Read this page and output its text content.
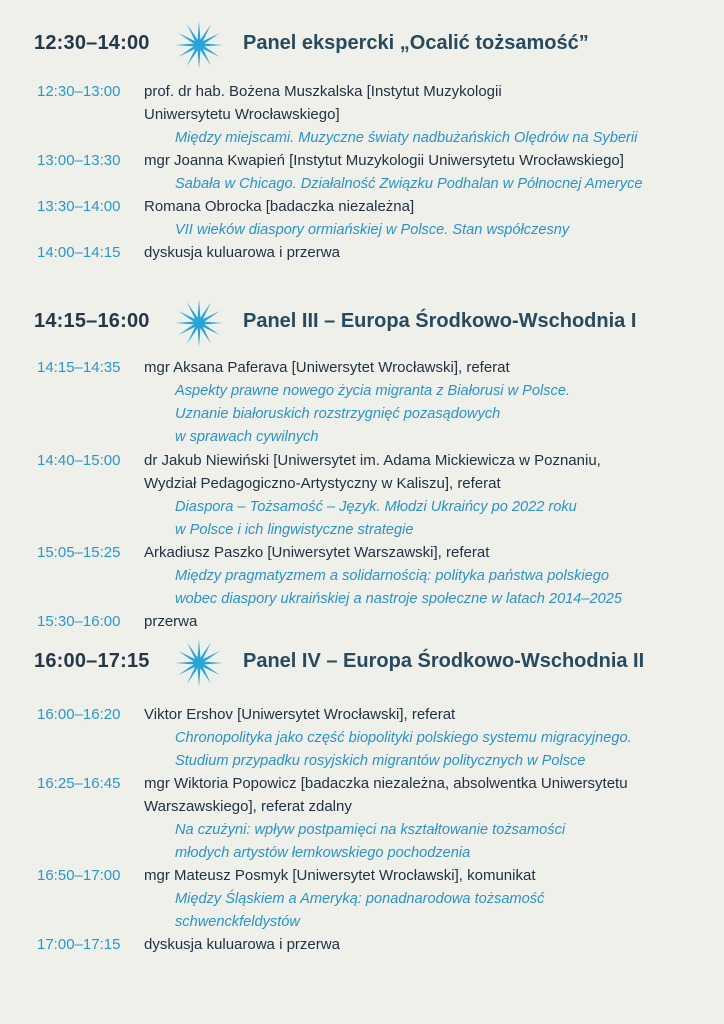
12:30–14:00	Panel ekspercki „Ocalić tożsamość”
12:30–13:00 prof. dr hab. Bożena Muszkalska [Instytut Muzykologii
Uniwersytetu Wrocławskiego]
Między miejscami. Muzyczne światy nadbużańskich Olędrów na Syberii
13:00–13:30 mgr Joanna Kwapień [Instytut Muzykologii Uniwersytetu Wrocławskiego]
Sabała w Chicago. Działalność Związku Podhalan w Północnej Ameryce
13:30–14:00 Romana Obrocka [badaczka niezależna]
VII wieków diaspory ormiańskiej w Polsce. Stan współczesny
14:00–14:15 dyskusja kuluarowa i przerwa
14:15–16:00	Panel III – Europa Środkowo-Wschodnia I
14:15–14:35 mgr Aksana Paferava [Uniwersytet Wrocławski], referat
Aspekty prawne nowego życia migranta z Białorusi w Polsce.
Uznanie białoruskich rozstrzygnięć pozasądowych
w sprawach cywilnych
14:40–15:00 dr Jakub Niewiński [Uniwersytet im. Adama Mickiewicza w Poznaniu,
Wydział Pedagogiczno-Artystyczny w Kaliszu], referat
Diaspora – Tożsamość – Język. Młodzi Ukraińcy po 2022 roku
w Polsce i ich lingwistyczne strategie
15:05–15:25 Arkadiusz Paszko [Uniwersytet Warszawski], referat
Między pragmatyzmem a solidarnością: polityka państwa polskiego
wobec diaspory ukraińskiej a nastroje społeczne w latach 2014–2025
15:30–16:00 przerwa
16:00–17:15	Panel IV – Europa Środkowo-Wschodnia II
16:00–16:20 Viktor Ershov [Uniwersytet Wrocławski], referat
Chronopolityka jako część biopolityki polskiego systemu migracyjnego.
Studium przypadku rosyjskich migrantów politycznych w Polsce
16:25–16:45 mgr Wiktoria Popowicz [badaczka niezależna, absolwentka Uniwersytetu
Warszawskiego], referat zdalny
Na czużyni: wpływ postpamięci na kształtowanie tożsamości
młodych artystów łemkowskiego pochodzenia
16:50–17:00 mgr Mateusz Posmyk [Uniwersytet Wrocławski], komunikat
Między Śląskiem a Ameryką: ponadnarodowa tożsamość
schwenckfeldystów
17:00–17:15 dyskusja kuluarowa i przerwa
